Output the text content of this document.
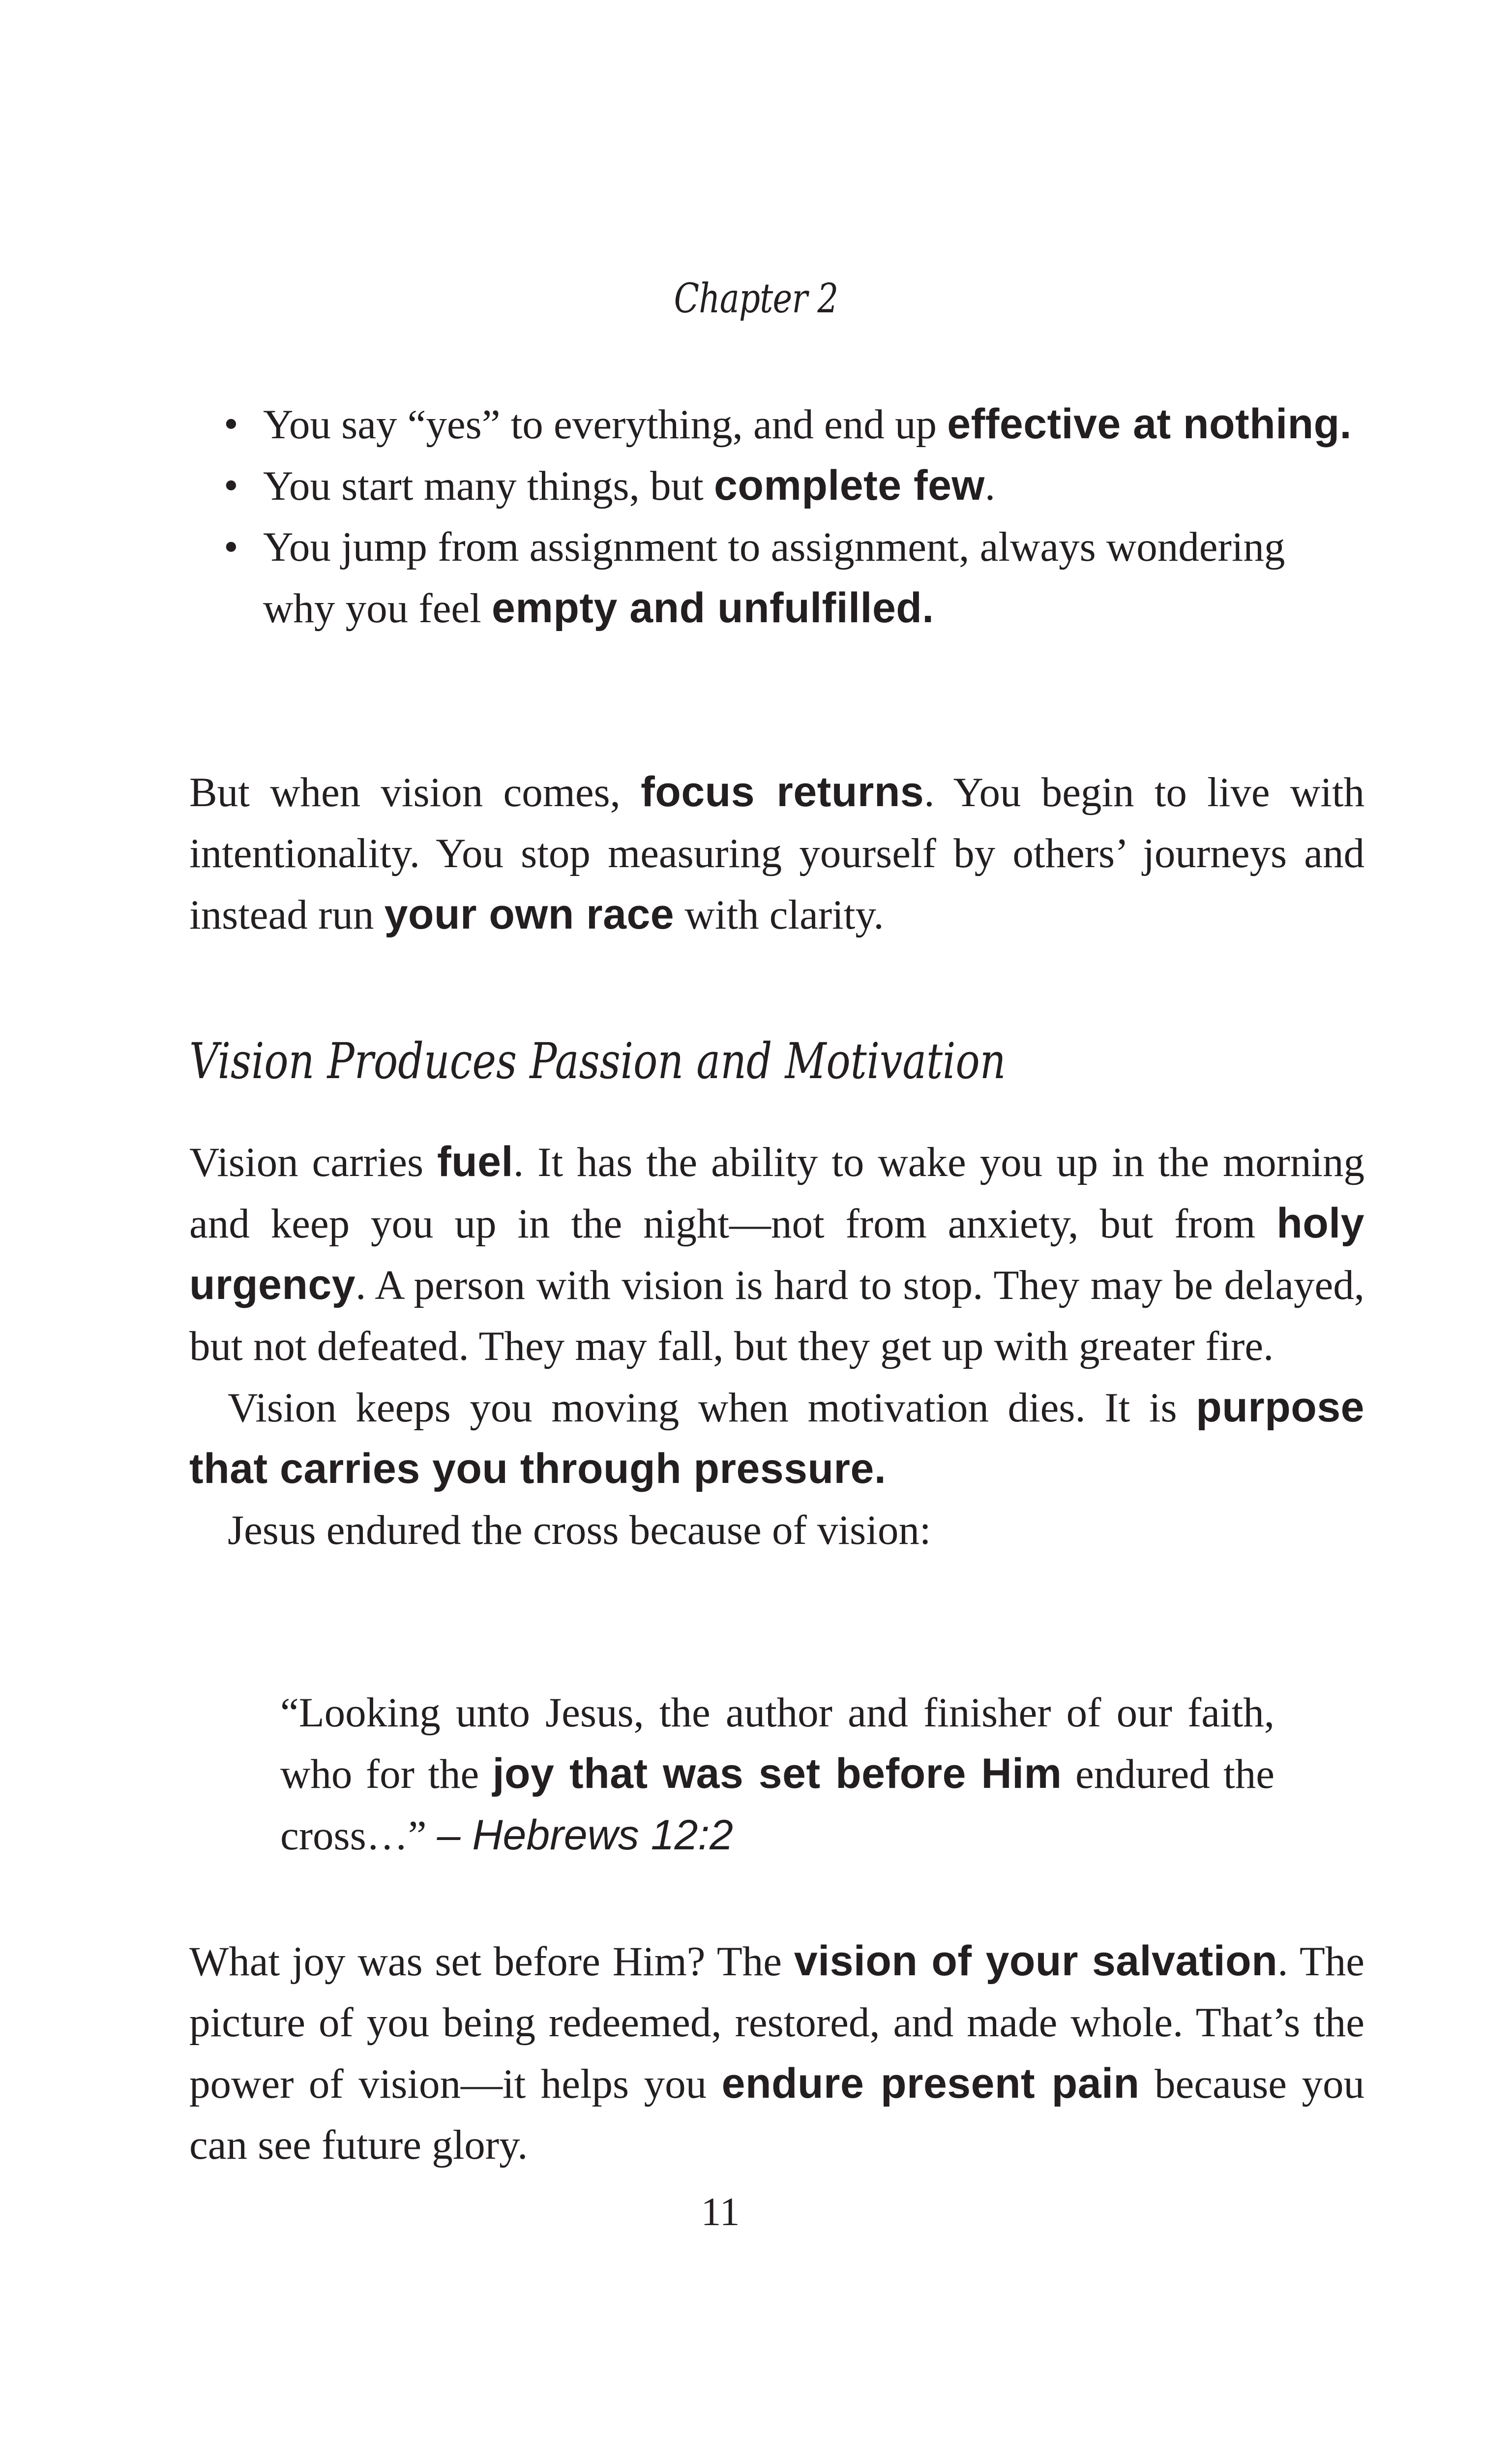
Chapter 2
• You say “yes” to everything, and end up effective at nothing.
• You start many things, but complete few.
• You jump from assignment to assignment, always wondering why you feel empty and unfulfilled.

But when vision comes, focus returns. You begin to live with intentionality. You stop measuring yourself by others’ journeys and instead run your own race with clarity.

Vision Produces Passion and Motivation

Vision carries fuel. It has the ability to wake you up in the morning and keep you up in the night—not from anxiety, but from holy urgency. A person with vision is hard to stop. They may be delayed, but not defeated. They may fall, but they get up with greater fire.

Vision keeps you moving when motivation dies. It is purpose that carries you through pressure.

Jesus endured the cross because of vision:

“Looking unto Jesus, the author and finisher of our faith, who for the joy that was set before Him endured the cross…” – Hebrews 12:2

What joy was set before Him? The vision of your salvation. The picture of you being redeemed, restored, and made whole. That’s the power of vision—it helps you endure present pain because you can see future glory.

11
